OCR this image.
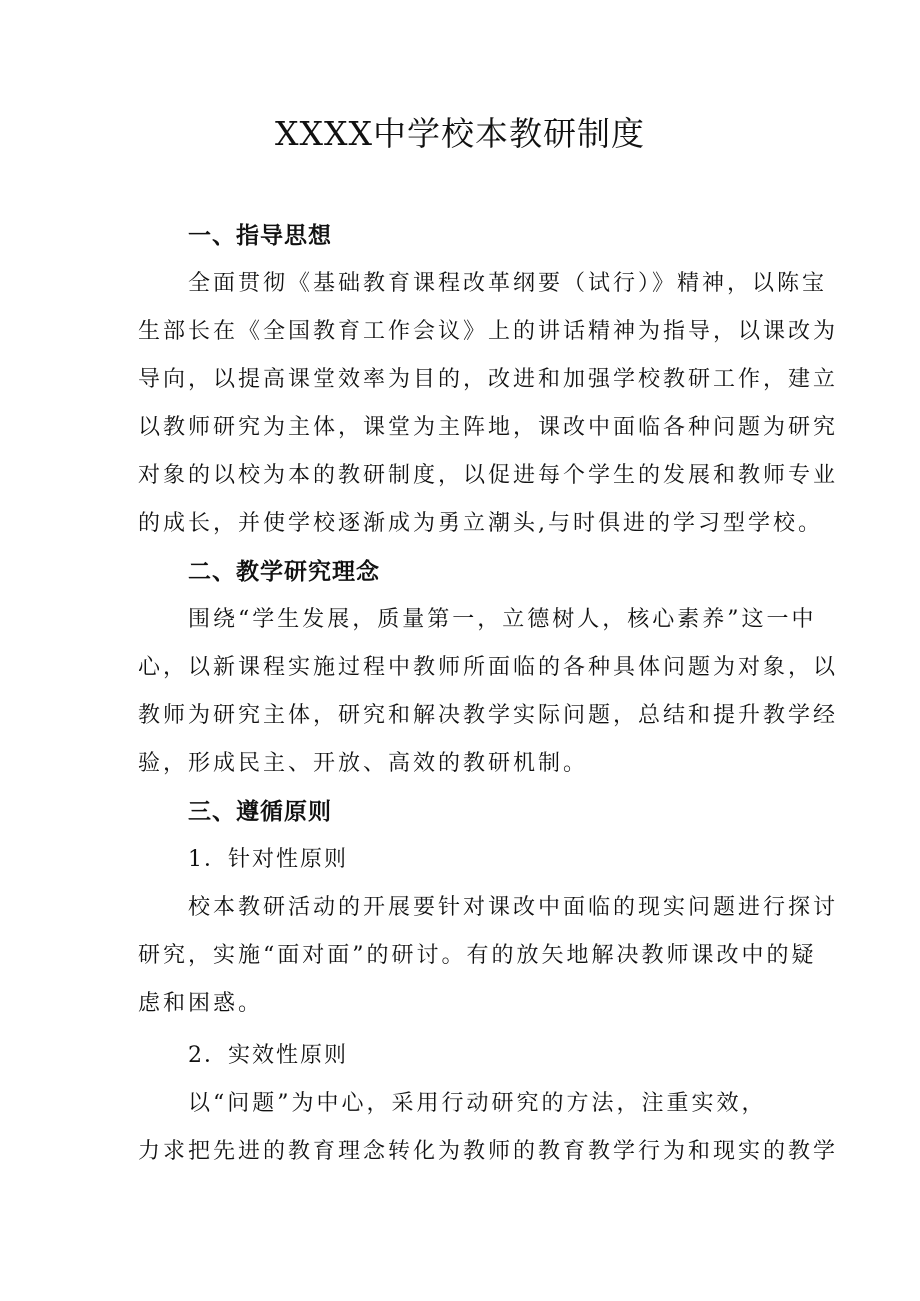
XXXX中学校本教研制度
一、指导思想
全面贯彻《基础教育课程改革纲要（试行）》精神，以陈宝
生部长在《全国教育工作会议》上的讲话精神为指导，以课改为
导向，以提高课堂效率为目的，改进和加强学校教研工作，建立
以教师研究为主体，课堂为主阵地，课改中面临各种问题为研究
对象的以校为本的教研制度，以促进每个学生的发展和教师专业
的成长，并使学校逐渐成为勇立潮头,与时俱进的学习型学校。
二、教学研究理念
围绕“学生发展，质量第一，立德树人，核心素养”这一中
心，以新课程实施过程中教师所面临的各种具体问题为对象，以
教师为研究主体，研究和解决教学实际问题，总结和提升教学经
验，形成民主、开放、高效的教研机制。
三、遵循原则
1．针对性原则
校本教研活动的开展要针对课改中面临的现实问题进行探讨
研究，实施“面对面”的研讨。有的放矢地解决教师课改中的疑
虑和困惑。
2．实效性原则
以“问题”为中心，采用行动研究的方法，注重实效，
力求把先进的教育理念转化为教师的教育教学行为和现实的教学
